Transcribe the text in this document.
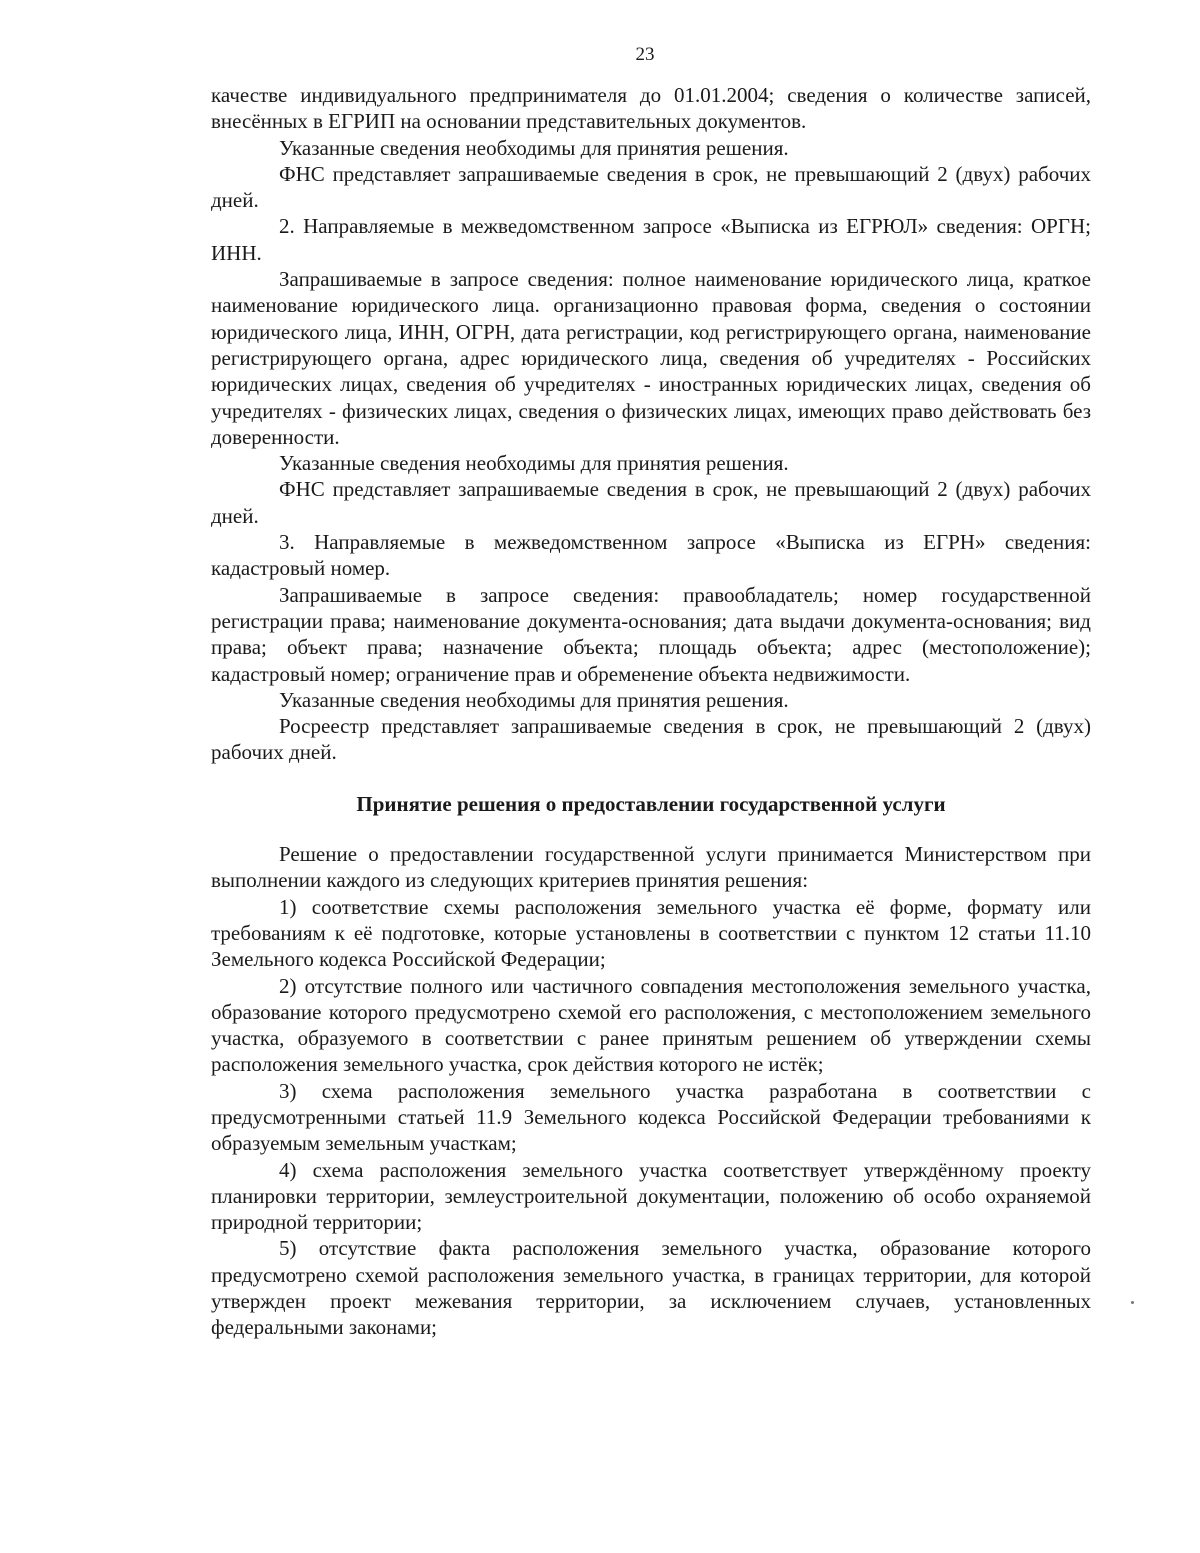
23

качестве индивидуального предпринимателя до 01.01.2004; сведения о количестве записей, внесённых в ЕГРИП на основании представительных документов.

Указанные сведения необходимы для принятия решения.

ФНС представляет запрашиваемые сведения в срок, не превышающий 2 (двух) рабочих дней.

2. Направляемые в межведомственном запросе «Выписка из ЕГРЮЛ» сведения: ОРГН; ИНН.

Запрашиваемые в запросе сведения: полное наименование юридического лица, краткое наименование юридического лица. организационно правовая форма, сведения о состоянии юридического лица, ИНН, ОГРН, дата регистрации, код регистрирующего органа, наименование регистрирующего органа, адрес юридического лица, сведения об учредителях - Российских юридических лицах, сведения об учредителях - иностранных юридических лицах, сведения об учредителях - физических лицах, сведения о физических лицах, имеющих право действовать без доверенности.

Указанные сведения необходимы для принятия решения.

ФНС представляет запрашиваемые сведения в срок, не превышающий 2 (двух) рабочих дней.

3. Направляемые в межведомственном запросе «Выписка из ЕГРН» сведения: кадастровый номер.

Запрашиваемые в запросе сведения: правообладатель; номер государственной регистрации права; наименование документа-основания; дата выдачи документа-основания; вид права; объект права; назначение объекта; площадь объекта; адрес (местоположение); кадастровый номер; ограничение прав и обременение объекта недвижимости.

Указанные сведения необходимы для принятия решения.

Росреестр представляет запрашиваемые сведения в срок, не превышающий 2 (двух) рабочих дней.

Принятие решения о предоставлении государственной услуги

Решение о предоставлении государственной услуги принимается Министерством при выполнении каждого из следующих критериев принятия решения:

1) соответствие схемы расположения земельного участка её форме, формату или требованиям к её подготовке, которые установлены в соответствии с пунктом 12 статьи 11.10 Земельного кодекса Российской Федерации;

2) отсутствие полного или частичного совпадения местоположения земельного участка, образование которого предусмотрено схемой его расположения, с местоположением земельного участка, образуемого в соответствии с ранее принятым решением об утверждении схемы расположения земельного участка, срок действия которого не истёк;

3) схема расположения земельного участка разработана в соответствии с предусмотренными статьей 11.9 Земельного кодекса Российской Федерации требованиями к образуемым земельным участкам;

4) схема расположения земельного участка соответствует утверждённому проекту планировки территории, землеустроительной документации, положению об особо охраняемой природной территории;

5) отсутствие факта расположения земельного участка, образование которого предусмотрено схемой расположения земельного участка, в границах территории, для которой утвержден проект межевания территории, за исключением случаев, установленных федеральными законами;
